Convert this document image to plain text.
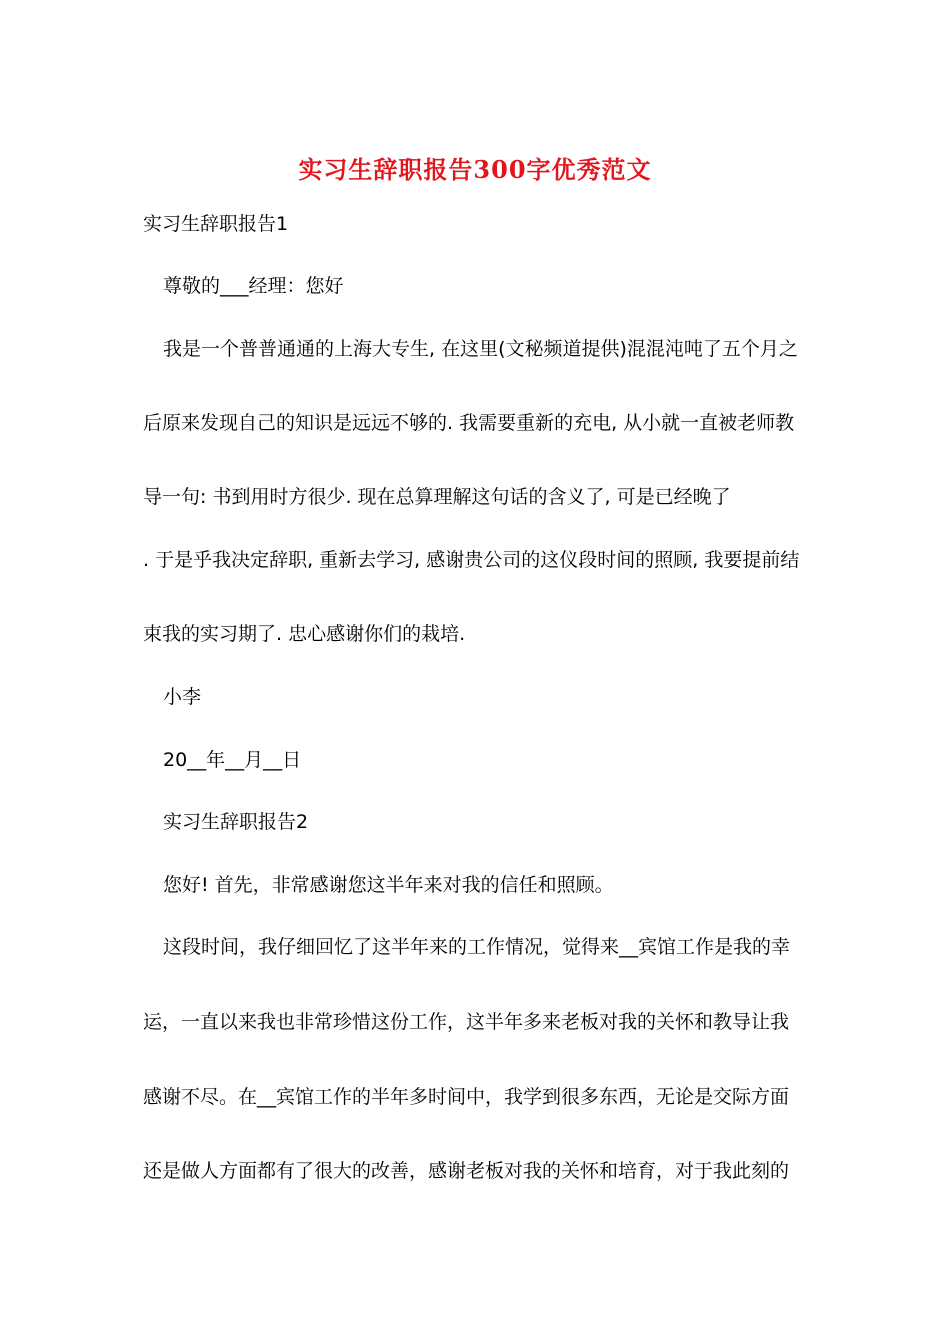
实习生辞职报告300字优秀范文
实习生辞职报告1
尊敬的___经理：您好
我是一个普普通通的上海大专生, 在这里(文秘频道提供)混混沌吨了五个月之
后原来发现自己的知识是远远不够的. 我需要重新的充电, 从小就一直被老师教
导一句: 书到用时方很少. 现在总算理解这句话的含义了, 可是已经晚了
. 于是乎我决定辞职, 重新去学习, 感谢贵公司的这仪段时间的照顾, 我要提前结
束我的实习期了. 忠心感谢你们的栽培.
小李
20__年__月__日
实习生辞职报告2
您好! 首先，非常感谢您这半年来对我的信任和照顾。
这段时间，我仔细回忆了这半年来的工作情况，觉得来__宾馆工作是我的幸
运，一直以来我也非常珍惜这份工作，这半年多来老板对我的关怀和教导让我
感谢不尽。在__宾馆工作的半年多时间中，我学到很多东西，无论是交际方面
还是做人方面都有了很大的改善，感谢老板对我的关怀和培育，对于我此刻的
